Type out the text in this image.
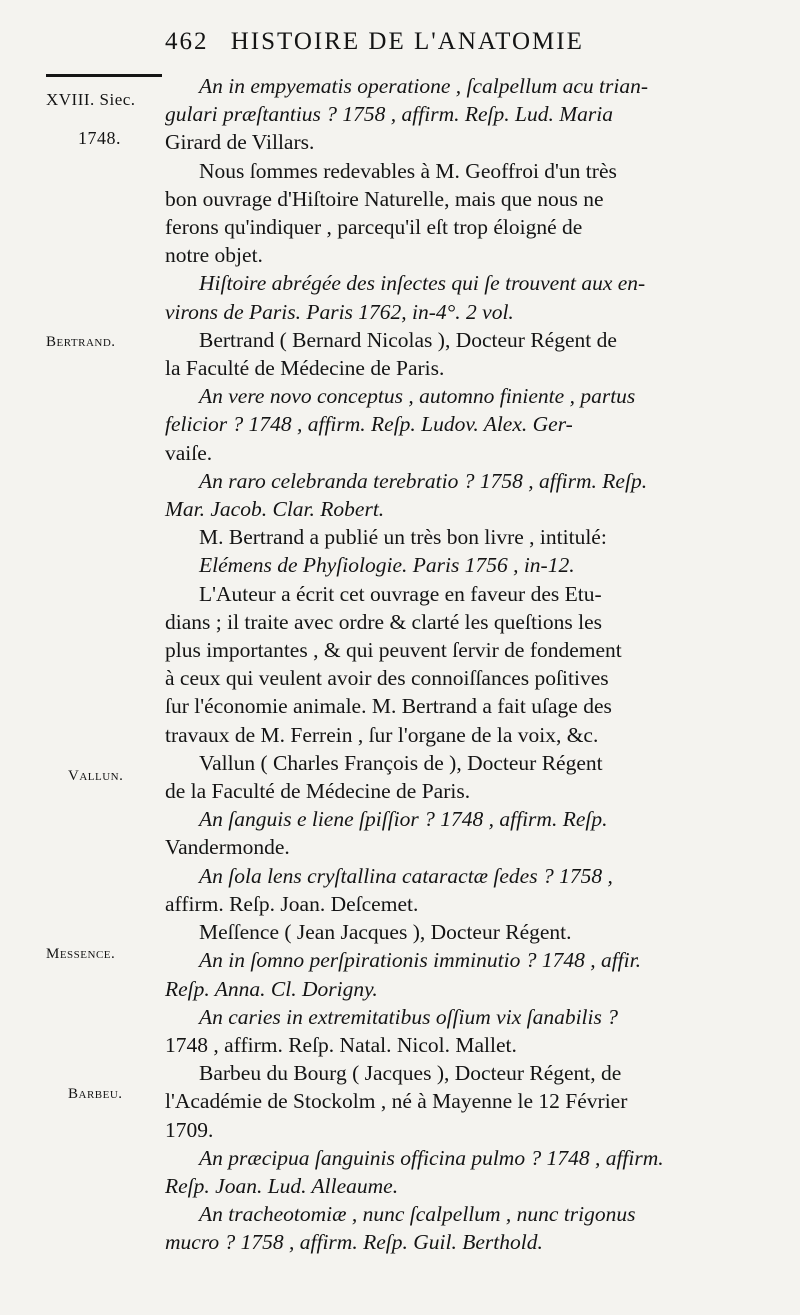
462 HISTOIRE DE L'ANATOMIE
XVIII. Siec.
1748.
Bertrand.
Vallun.
Messence.
Barbeu.
An in empyematis operatione , ſcalpellum acu trian-
gulari præſtantius ? 1758 , affirm. Reſp. Lud. Maria
Girard de Villars.
Nous ſommes redevables à M. Geoffroi d'un très
bon ouvrage d'Hiſtoire Naturelle, mais que nous ne
ferons qu'indiquer , parcequ'il eſt trop éloigné de
notre objet.
Hiſtoire abrégée des inſectes qui ſe trouvent aux en-
virons de Paris. Paris 1762, in-4°. 2 vol.
Bertrand ( Bernard Nicolas ), Docteur Régent de
la Faculté de Médecine de Paris.
An vere novo conceptus , automno finiente , partus
felicior ? 1748 , affirm. Reſp. Ludov. Alex. Ger-
vaiſe.
An raro celebranda terebratio ? 1758 , affirm. Reſp.
Mar. Jacob. Clar. Robert.
M. Bertrand a publié un très bon livre , intitulé:
Elémens de Phyſiologie. Paris 1756 , in-12.
L'Auteur a écrit cet ouvrage en faveur des Etu-
dians ; il traite avec ordre & clarté les queſtions les
plus importantes , & qui peuvent ſervir de fondement
à ceux qui veulent avoir des connoiſſances poſitives
ſur l'économie animale. M. Bertrand a fait uſage des
travaux de M. Ferrein , ſur l'organe de la voix, &c.
Vallun ( Charles François de ), Docteur Régent
de la Faculté de Médecine de Paris.
An ſanguis e liene ſpiſſior ? 1748 , affirm. Reſp.
Vandermonde.
An ſola lens cryſtallina cataractæ ſedes ? 1758 ,
affirm. Reſp. Joan. Deſcemet.
Meſſence ( Jean Jacques ), Docteur Régent.
An in ſomno perſpirationis imminutio ? 1748 , affir.
Reſp. Anna. Cl. Dorigny.
An caries in extremitatibus oſſium vix ſanabilis ?
1748 , affirm. Reſp. Natal. Nicol. Mallet.
Barbeu du Bourg ( Jacques ), Docteur Régent, de
l'Académie de Stockolm , né à Mayenne le 12 Février
1709.
An præcipua ſanguinis officina pulmo ? 1748 , affirm.
Reſp. Joan. Lud. Alleaume.
An tracheotomiæ , nunc ſcalpellum , nunc trigonus
mucro ? 1758 , affirm. Reſp. Guil. Berthold.
